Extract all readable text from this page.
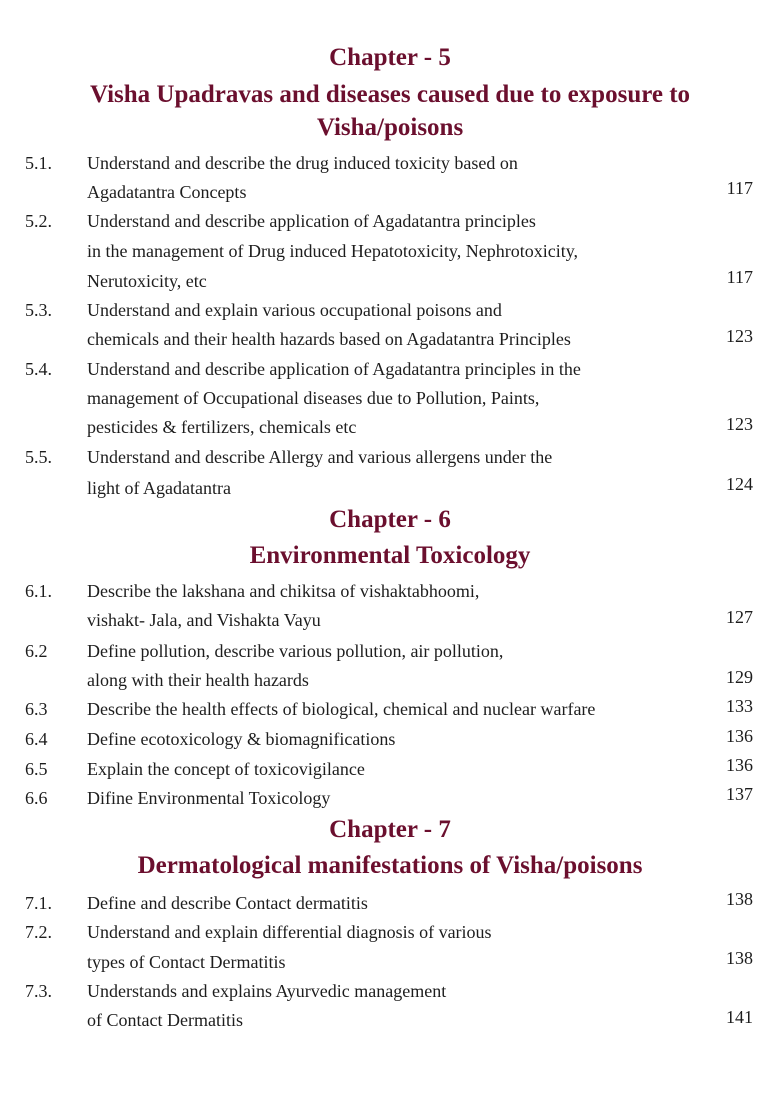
Chapter - 5
Visha Upadravas and diseases caused due to exposure to
Visha/poisons
5.1. Understand and describe the drug induced toxicity based on
Agadatantra Concepts	117
5.2. Understand and describe application of Agadatantra principles
in the management of Drug induced Hepatotoxicity, Nephrotoxicity,
Nerutoxicity, etc	117
5.3. Understand and explain various occupational poisons and
chemicals and their health hazards based on Agadatantra Principles	123
5.4. Understand and describe application of Agadatantra principles in the
management of Occupational diseases due to Pollution, Paints,
pesticides & fertilizers, chemicals etc	123
5.5. Understand and describe Allergy and various allergens under the
light of Agadatantra	124
Chapter - 6
Environmental Toxicology
6.1. Describe the lakshana and chikitsa of vishaktabhoomi,
vishakt- Jala, and Vishakta Vayu	127
6.2 Define pollution, describe various pollution, air pollution,
along with their health hazards	129
6.3 Describe the health effects of biological, chemical and nuclear warfare	133
6.4 Define ecotoxicology & biomagnifications	136
6.5 Explain the concept of toxicovigilance	136
6.6 Difine Environmental Toxicology	137
Chapter - 7
Dermatological manifestations of Visha/poisons
7.1. Define and describe Contact dermatitis	138
7.2. Understand and explain differential diagnosis of various
types of Contact Dermatitis	138
7.3. Understands and explains Ayurvedic management
of Contact Dermatitis	141
